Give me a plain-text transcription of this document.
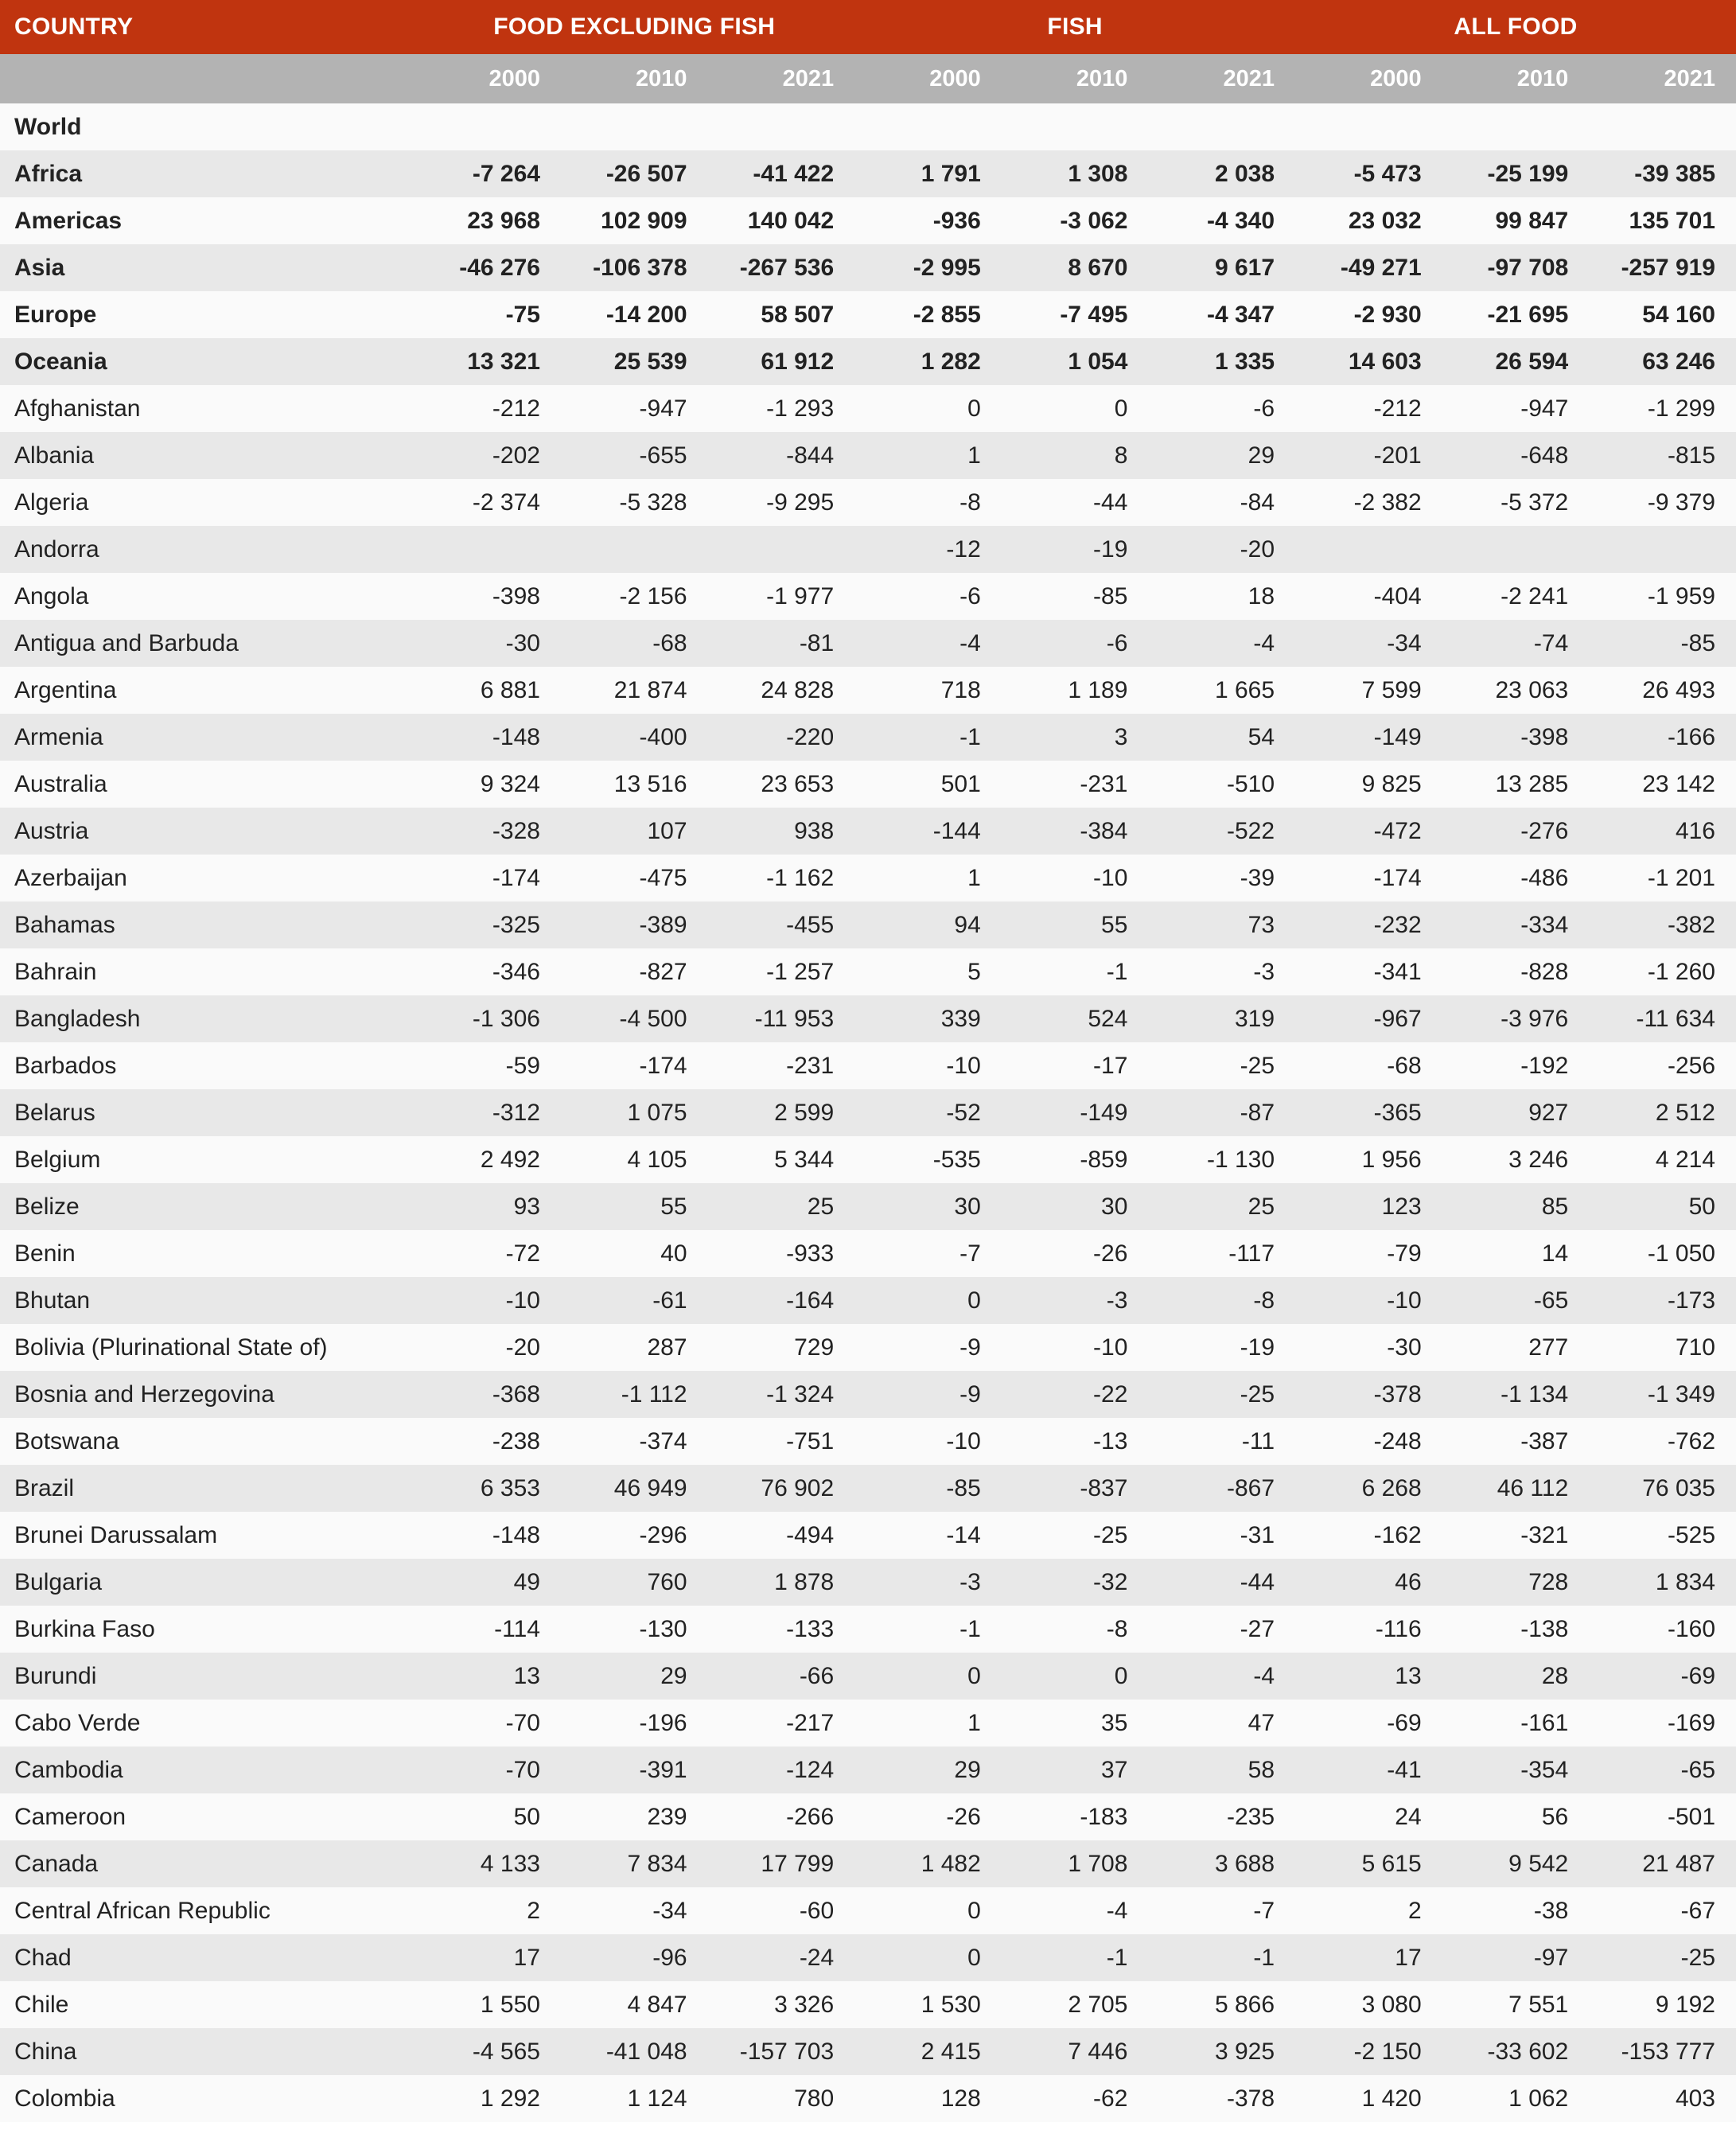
COUNTRY	FOOD EXCLUDING FISH			FISH			ALL FOOD		
	2000	2010	2021	2000	2010	2021	2000	2010	2021
World									
Africa	-7 264	-26 507	-41 422	1 791	1 308	2 038	-5 473	-25 199	-39 385
Americas	23 968	102 909	140 042	-936	-3 062	-4 340	23 032	99 847	135 701
Asia	-46 276	-106 378	-267 536	-2 995	8 670	9 617	-49 271	-97 708	-257 919
Europe	-75	-14 200	58 507	-2 855	-7 495	-4 347	-2 930	-21 695	54 160
Oceania	13 321	25 539	61 912	1 282	1 054	1 335	14 603	26 594	63 246
Afghanistan	-212	-947	-1 293	0	0	-6	-212	-947	-1 299
Albania	-202	-655	-844	1	8	29	-201	-648	-815
Algeria	-2 374	-5 328	-9 295	-8	-44	-84	-2 382	-5 372	-9 379
Andorra				-12	-19	-20			
Angola	-398	-2 156	-1 977	-6	-85	18	-404	-2 241	-1 959
Antigua and Barbuda	-30	-68	-81	-4	-6	-4	-34	-74	-85
Argentina	6 881	21 874	24 828	718	1 189	1 665	7 599	23 063	26 493
Armenia	-148	-400	-220	-1	3	54	-149	-398	-166
Australia	9 324	13 516	23 653	501	-231	-510	9 825	13 285	23 142
Austria	-328	107	938	-144	-384	-522	-472	-276	416
Azerbaijan	-174	-475	-1 162	1	-10	-39	-174	-486	-1 201
Bahamas	-325	-389	-455	94	55	73	-232	-334	-382
Bahrain	-346	-827	-1 257	5	-1	-3	-341	-828	-1 260
Bangladesh	-1 306	-4 500	-11 953	339	524	319	-967	-3 976	-11 634
Barbados	-59	-174	-231	-10	-17	-25	-68	-192	-256
Belarus	-312	1 075	2 599	-52	-149	-87	-365	927	2 512
Belgium	2 492	4 105	5 344	-535	-859	-1 130	1 956	3 246	4 214
Belize	93	55	25	30	30	25	123	85	50
Benin	-72	40	-933	-7	-26	-117	-79	14	-1 050
Bhutan	-10	-61	-164	0	-3	-8	-10	-65	-173
Bolivia (Plurinational State of)	-20	287	729	-9	-10	-19	-30	277	710
Bosnia and Herzegovina	-368	-1 112	-1 324	-9	-22	-25	-378	-1 134	-1 349
Botswana	-238	-374	-751	-10	-13	-11	-248	-387	-762
Brazil	6 353	46 949	76 902	-85	-837	-867	6 268	46 112	76 035
Brunei Darussalam	-148	-296	-494	-14	-25	-31	-162	-321	-525
Bulgaria	49	760	1 878	-3	-32	-44	46	728	1 834
Burkina Faso	-114	-130	-133	-1	-8	-27	-116	-138	-160
Burundi	13	29	-66	0	0	-4	13	28	-69
Cabo Verde	-70	-196	-217	1	35	47	-69	-161	-169
Cambodia	-70	-391	-124	29	37	58	-41	-354	-65
Cameroon	50	239	-266	-26	-183	-235	24	56	-501
Canada	4 133	7 834	17 799	1 482	1 708	3 688	5 615	9 542	21 487
Central African Republic	2	-34	-60	0	-4	-7	2	-38	-67
Chad	17	-96	-24	0	-1	-1	17	-97	-25
Chile	1 550	4 847	3 326	1 530	2 705	5 866	3 080	7 551	9 192
China	-4 565	-41 048	-157 703	2 415	7 446	3 925	-2 150	-33 602	-153 777
Colombia	1 292	1 124	780	128	-62	-378	1 420	1 062	403
